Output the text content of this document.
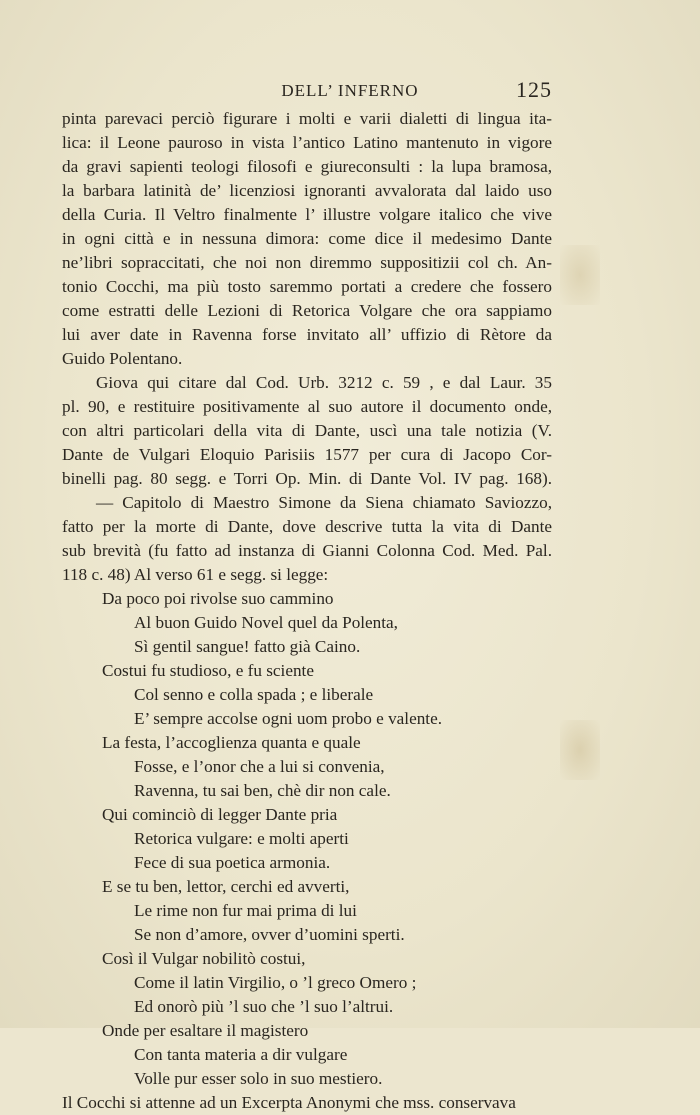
DELL’ INFERNO	125
pinta parevaci perciò figurare i molti e varii dialetti di lingua ita-
lica: il Leone pauroso in vista l’antico Latino mantenuto in vigore
da gravi sapienti teologi filosofi e giureconsulti : la lupa bramosa,
la barbara latinità de’ licenziosi ignoranti avvalorata dal laido uso
della Curia. Il Veltro finalmente l’ illustre volgare italico che vive
in ogni città e in nessuna dimora: come dice il medesimo Dante
ne’libri sopraccitati, che noi non diremmo suppositizii col ch. An-
tonio Cocchi, ma più tosto saremmo portati a credere che fossero
come estratti delle Lezioni di Retorica Volgare che ora sappiamo
lui aver date in Ravenna forse invitato all’ uffizio di Rètore da
Guido Polentano.
Giova qui citare dal Cod. Urb. 3212 c. 59 , e dal Laur. 35
pl. 90, e restituire positivamente al suo autore il documento onde,
con altri particolari della vita di Dante, uscì una tale notizia (V.
Dante de Vulgari Eloquio Parisiis 1577 per cura di Jacopo Cor-
binelli pag. 80 segg. e Torri Op. Min. di Dante Vol. IV pag. 168).
— Capitolo di Maestro Simone da Siena chiamato Saviozzo,
fatto per la morte di Dante, dove descrive tutta la vita di Dante
sub brevità (fu fatto ad instanza di Gianni Colonna Cod. Med. Pal.
118 c. 48) Al verso 61 e segg. si legge:
Da poco poi rivolse suo cammino
Al buon Guido Novel quel da Polenta,
Sì gentil sangue! fatto già Caino.
Costui fu studioso, e fu sciente
Col senno e colla spada ; e liberale
E’ sempre accolse ogni uom probo e valente.
La festa, l’accoglienza quanta e quale
Fosse, e l’onor che a lui si convenia,
Ravenna, tu sai ben, chè dir non cale.
Qui cominciò di legger Dante pria
Retorica vulgare: e molti aperti
Fece di sua poetica armonia.
E se tu ben, lettor, cerchi ed avverti,
Le rime non fur mai prima di lui
Se non d’amore, ovver d’uomini sperti.
Così il Vulgar nobilitò costui,
Come il latin Virgilio, o ’l greco Omero ;
Ed onorò più ’l suo che ’l suo l’altrui.
Onde per esaltare il magistero
Con tanta materia a dir vulgare
Volle pur esser solo in suo mestiero.
Il Cocchi si attenne ad un Excerpta Anonymi che mss. conservava
